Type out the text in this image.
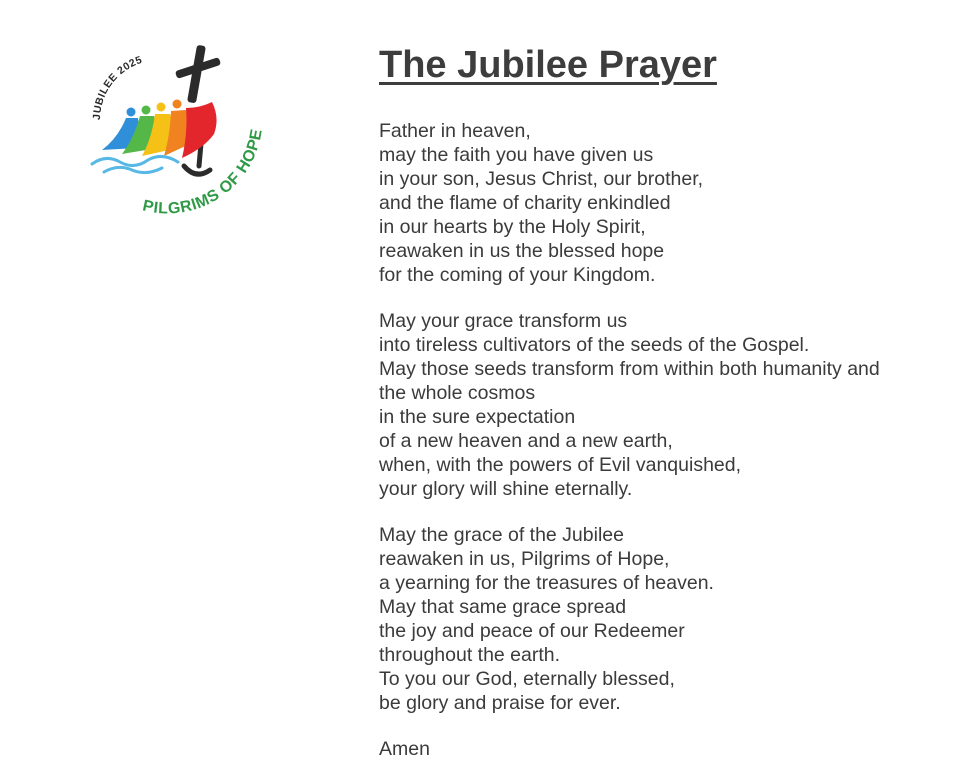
JUBILEE 2025
PILGRIMS OF HOPE
The Jubilee Prayer
Father in heaven,
may the faith you have given us
in your son, Jesus Christ, our brother,
and the flame of charity enkindled
in our hearts by the Holy Spirit,
reawaken in us the blessed hope
for the coming of your Kingdom.
May your grace transform us
into tireless cultivators of the seeds of the Gospel.
May those seeds transform from within both humanity and
the whole cosmos
in the sure expectation
of a new heaven and a new earth,
when, with the powers of Evil vanquished,
your glory will shine eternally.
May the grace of the Jubilee
reawaken in us, Pilgrims of Hope,
a yearning for the treasures of heaven.
May that same grace spread
the joy and peace of our Redeemer
throughout the earth.
To you our God, eternally blessed,
be glory and praise for ever.
Amen
